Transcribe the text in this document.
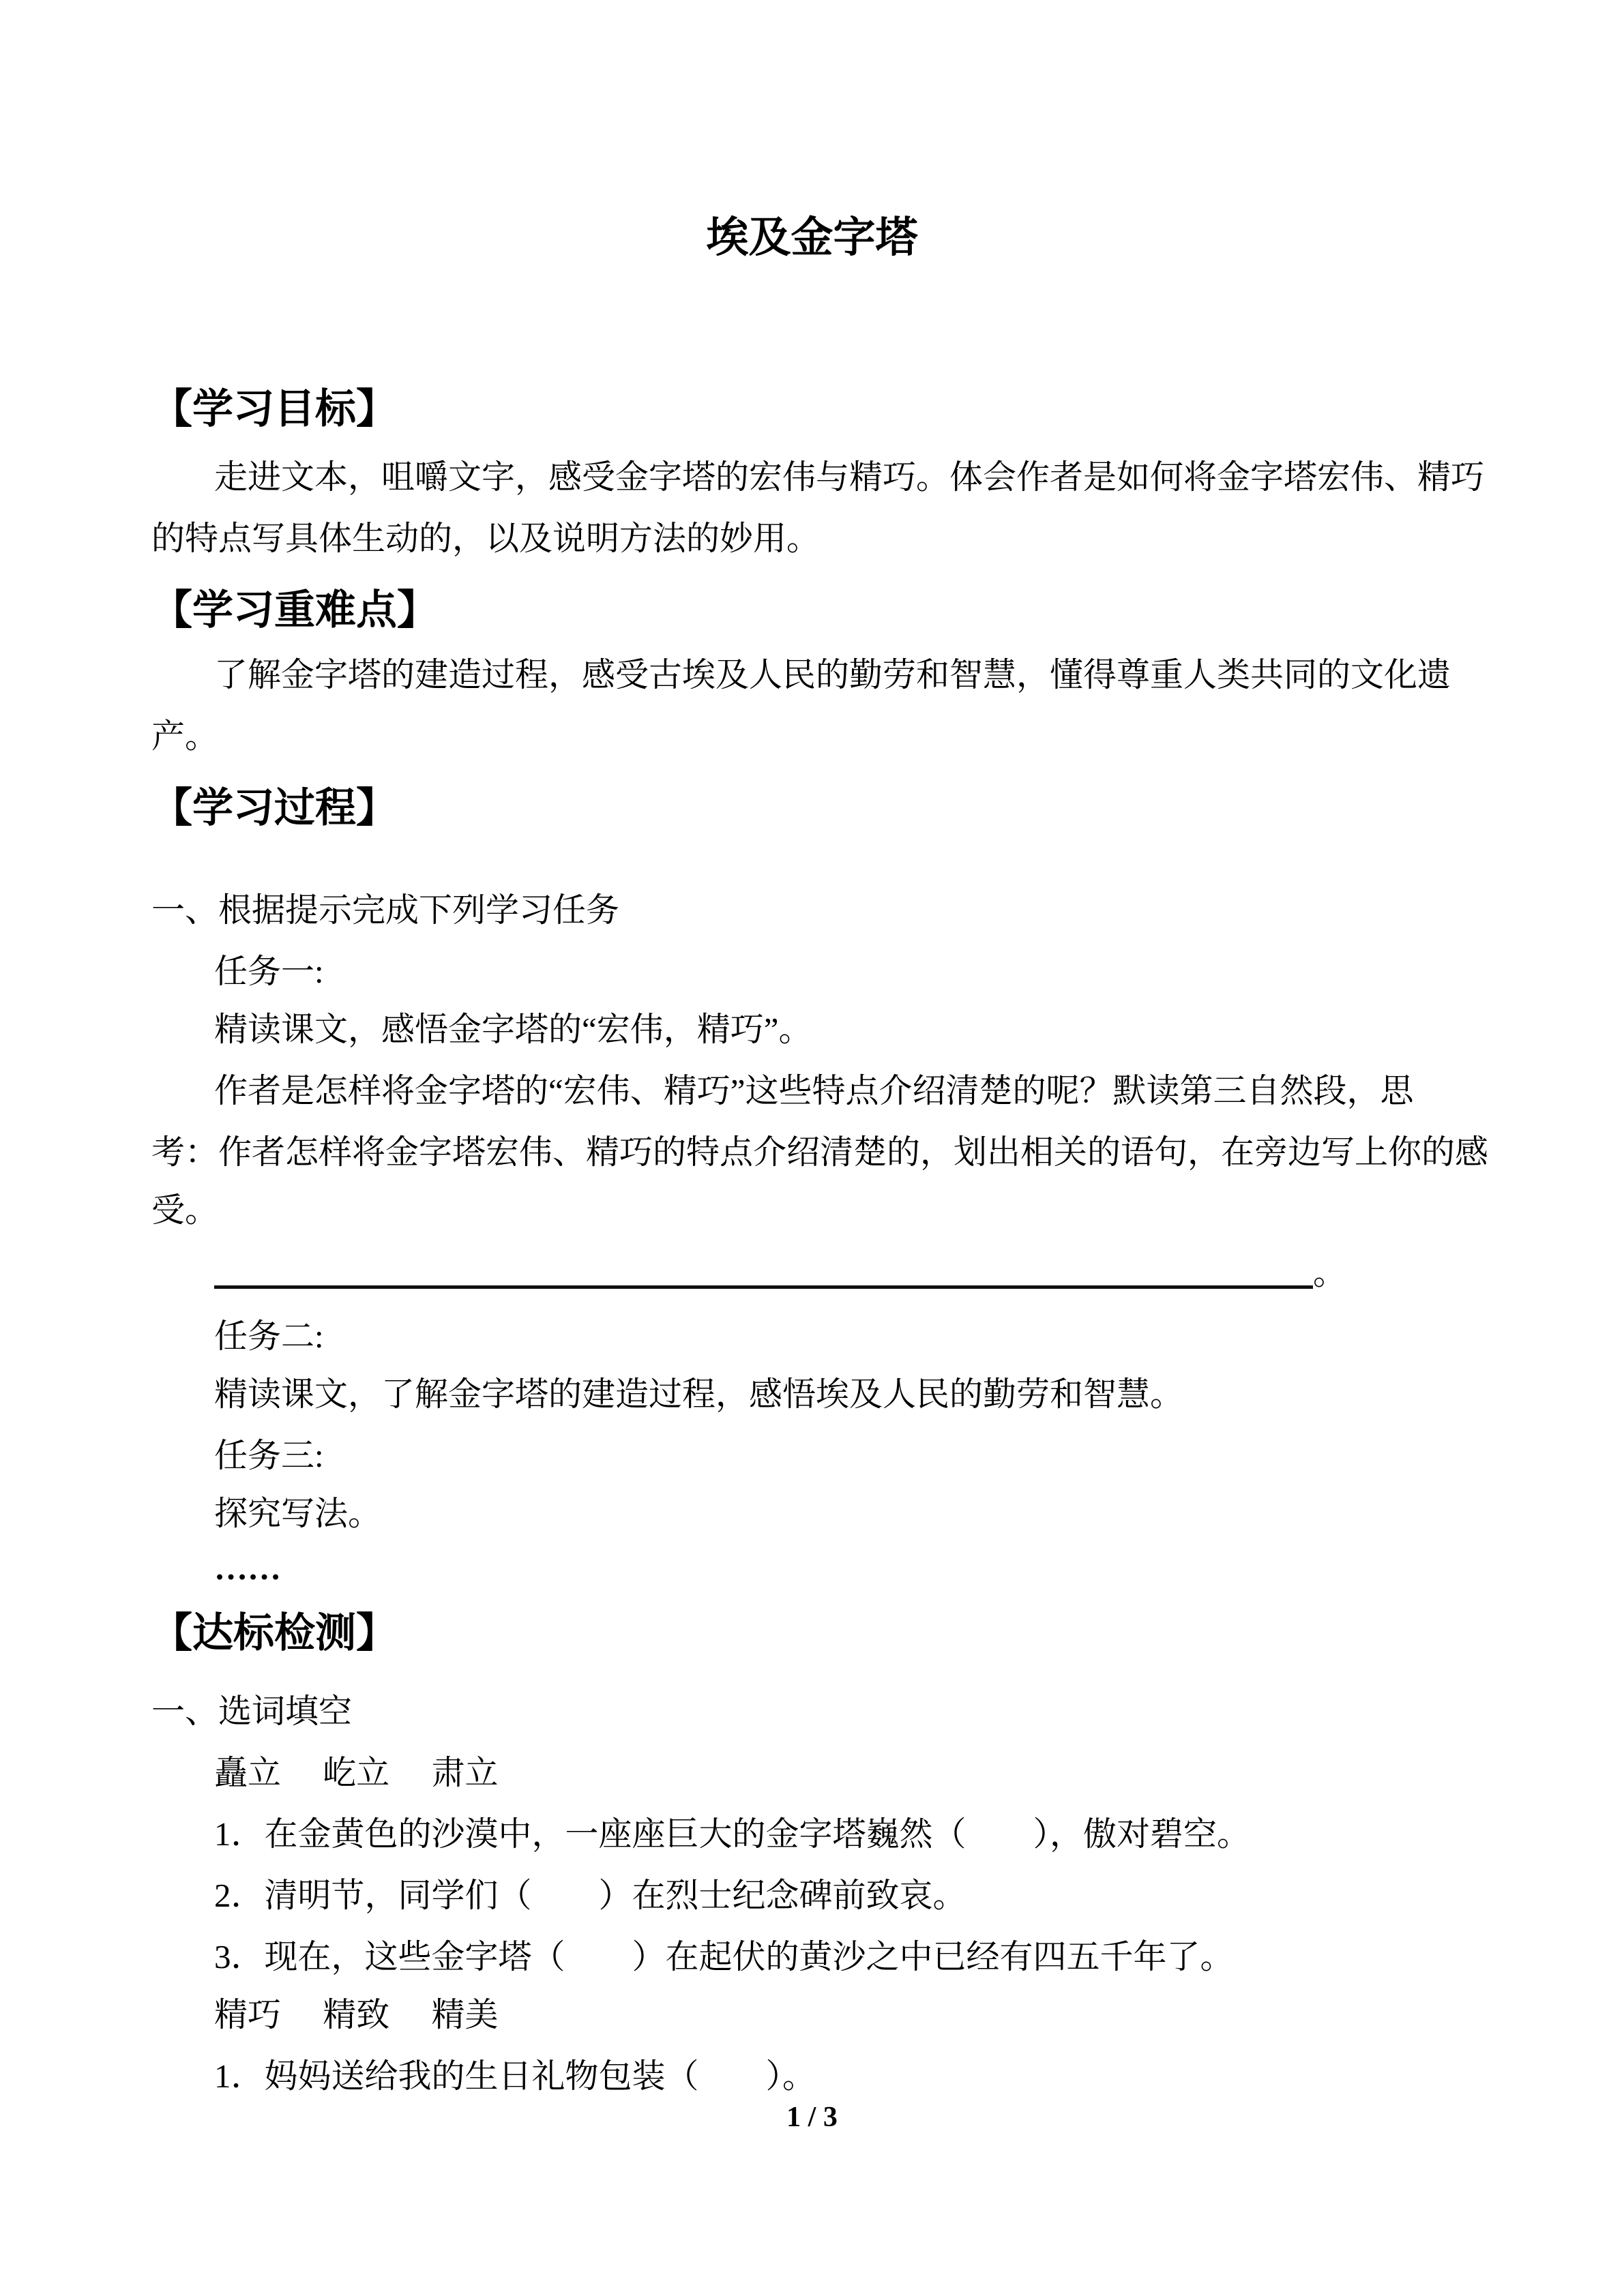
埃及金字塔
【学习目标】
走进文本，咀嚼文字，感受金字塔的宏伟与精巧。体会作者是如何将金字塔宏伟、精巧
的特点写具体生动的，以及说明方法的妙用。
【学习重难点】
了解金字塔的建造过程，感受古埃及人民的勤劳和智慧，懂得尊重人类共同的文化遗
产。
【学习过程】
一、根据提示完成下列学习任务
任务一:
精读课文，感悟金字塔的“宏伟，精巧”。
作者是怎样将金字塔的“宏伟、精巧”这些特点介绍清楚的呢？默读第三自然段，思
考：作者怎样将金字塔宏伟、精巧的特点介绍清楚的，划出相关的语句，在旁边写上你的感
受。
。
任务二:
精读课文，了解金字塔的建造过程，感悟埃及人民的勤劳和智慧。
任务三:
探究写法。
……
【达标检测】
一、选词填空
矗立　 屹立　 肃立
1．在金黄色的沙漠中，一座座巨大的金字塔巍然（　　），傲对碧空。
2．清明节，同学们（　　）在烈士纪念碑前致哀。
3．现在，这些金字塔（　　）在起伏的黄沙之中已经有四五千年了。
精巧　 精致　 精美
1．妈妈送给我的生日礼物包装（　　）。
1 / 3
